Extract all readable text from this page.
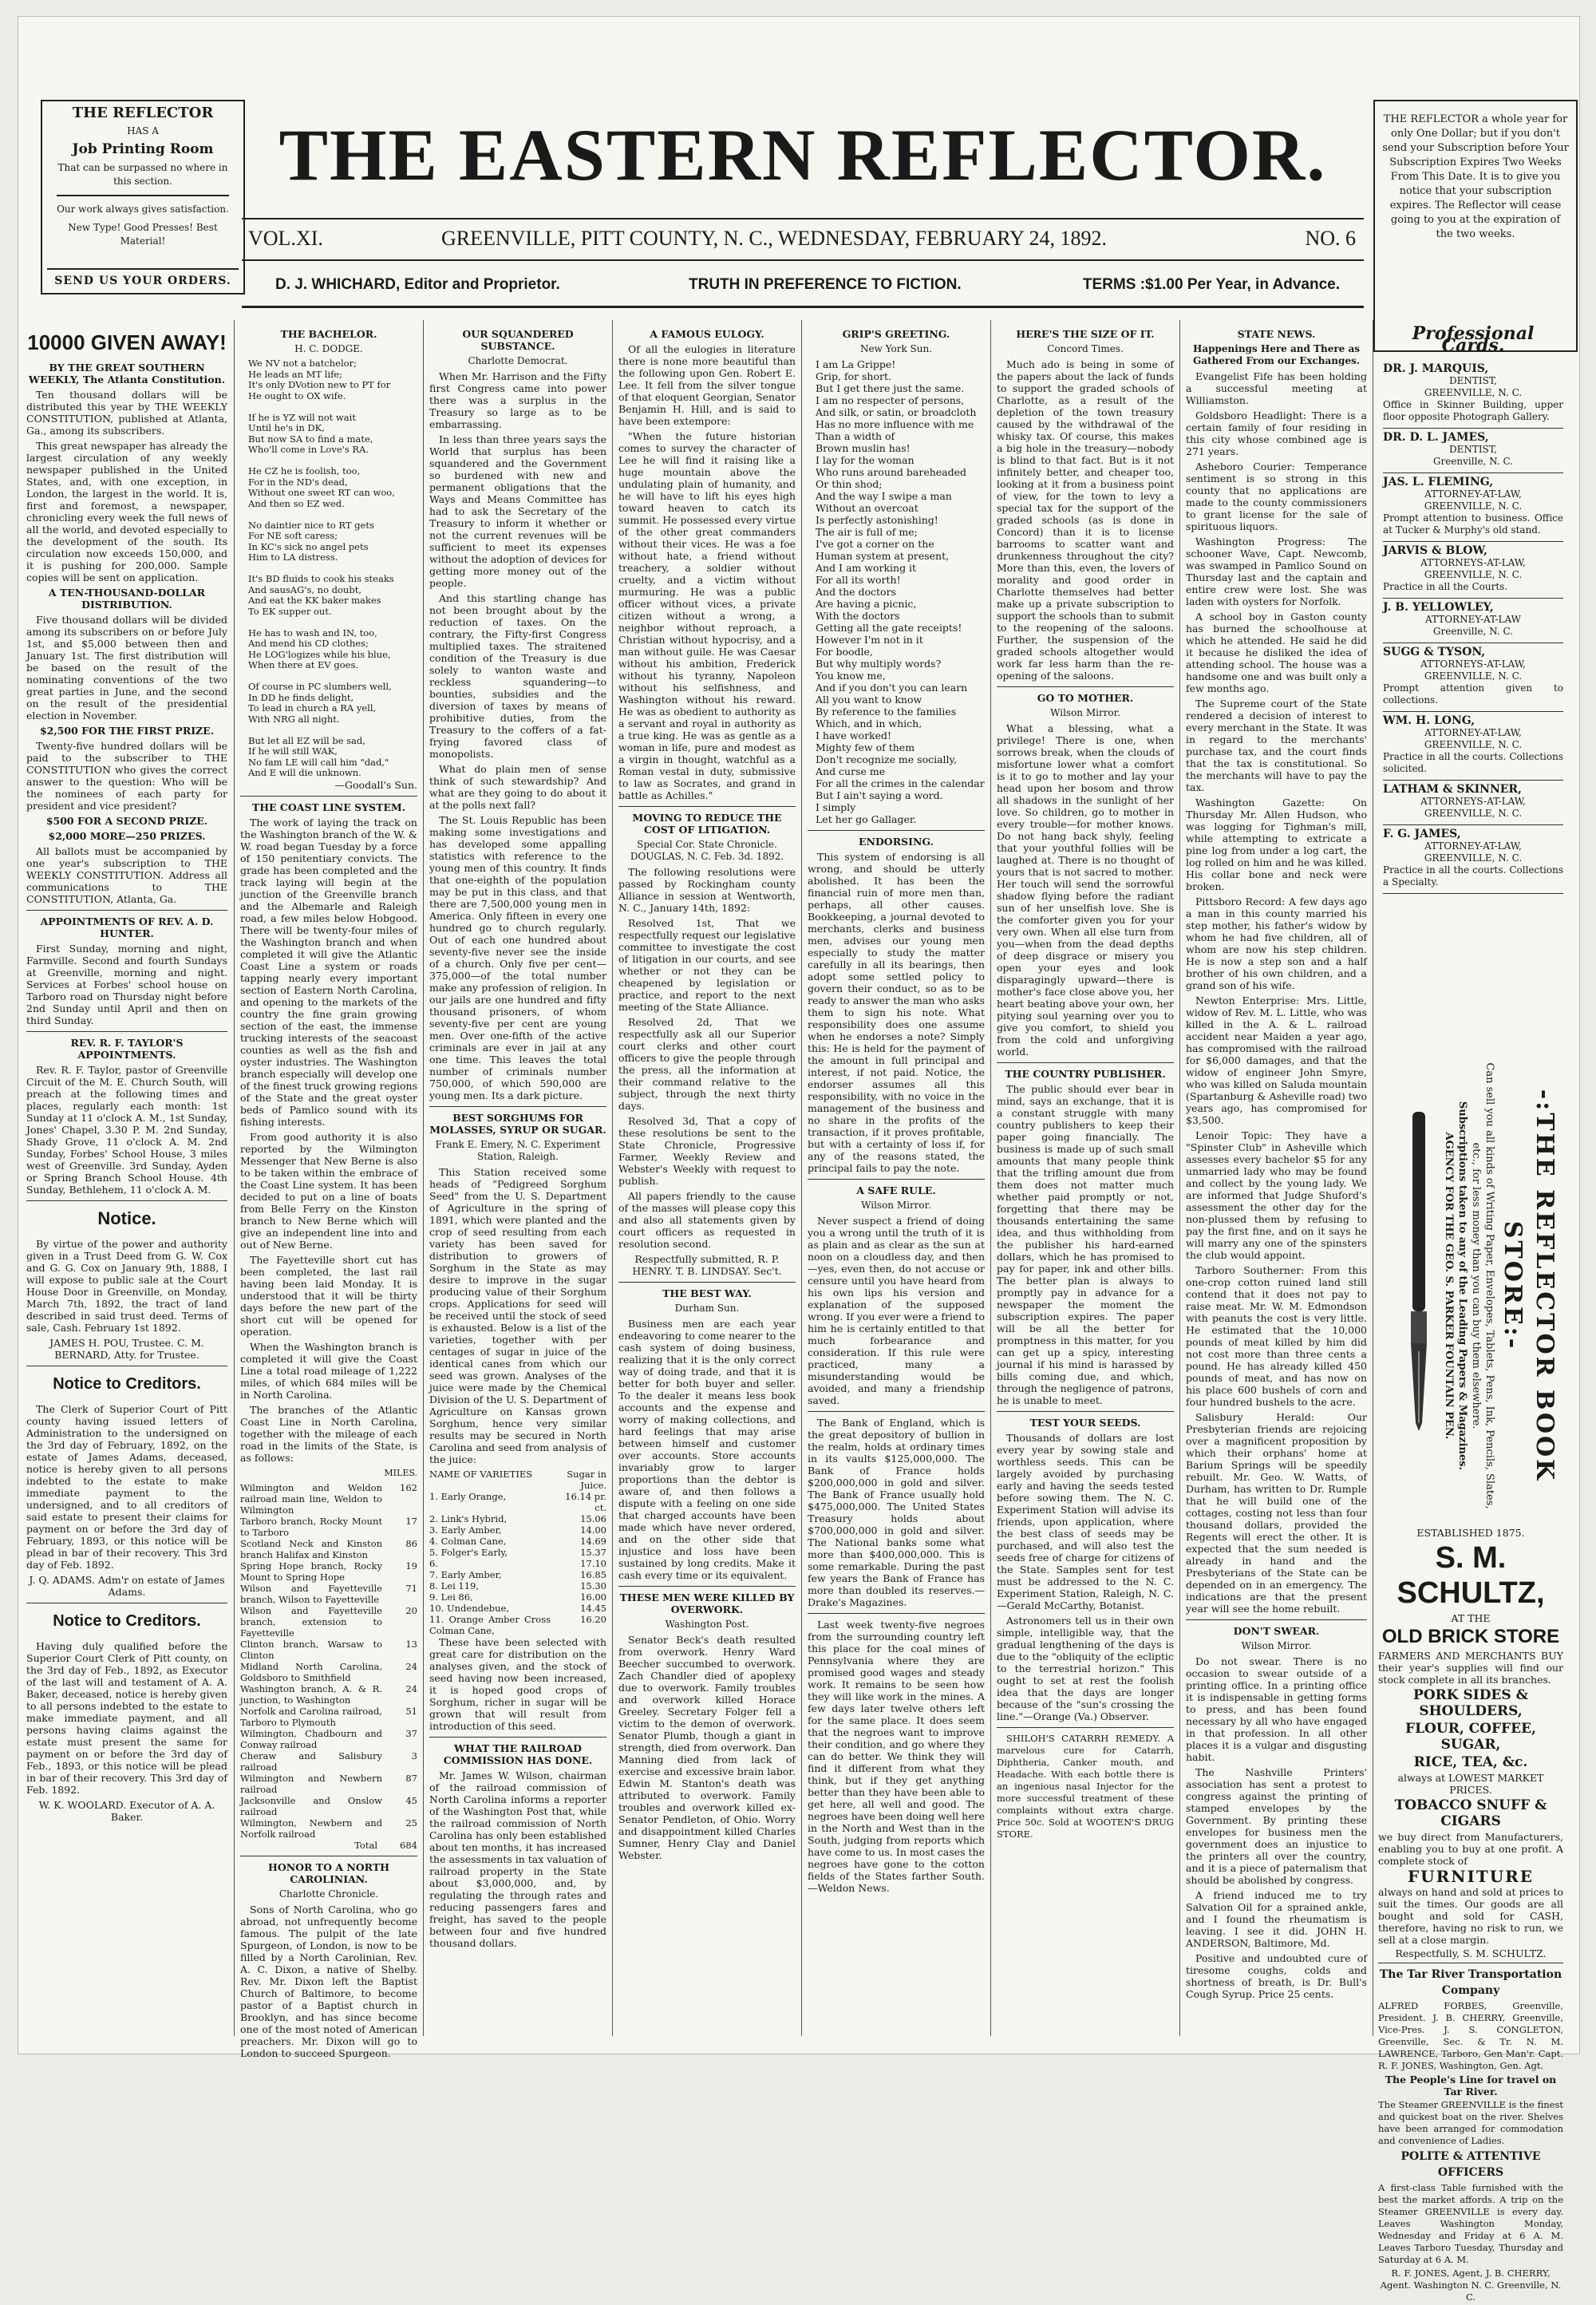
THE REFLECTOR
HAS A
Job Printing Room
That can be surpassed no where in this section.
Our work always gives satisfaction.
New Type! Good Presses! Best Material!
SEND US YOUR ORDERS.
THE EASTERN REFLECTOR.
VOL.XI.	GREENVILLE, PITT COUNTY, N. C., WEDNESDAY, FEBRUARY 24, 1892.	NO. 6
D. J. WHICHARD, Editor and Proprietor.	TRUTH IN PREFERENCE TO FICTION.	TERMS :$1.00 Per Year, in Advance.
THE REFLECTOR a whole year for only One Dollar; but if you don't send your Subscription before Your Subscription Expires Two Weeks From This Date. It is to give you notice that your subscription expires. The Reflector will cease going to you at the expiration of the two weeks.
10000 GIVEN AWAY!

BY THE GREAT SOUTHERN WEEKLY, The Atlanta Constitution.

Ten thousand dollars will be distributed this year by THE WEEKLY CONSTITUTION, published at Atlanta, Ga., among its subscribers.

This great newspaper has already the largest circulation of any weekly newspaper published in the United States, and, with one exception, in London, the largest in the world. It is, first and foremost, a newspaper, chronicling every week the full news of all the world, and devoted especially to the development of the south. Its circulation now exceeds 150,000, and it is pushing for 200,000. Sample copies will be sent on application.

A TEN-THOUSAND-DOLLAR DISTRIBUTION.

Five thousand dollars will be divided among its subscribers on or before July 1st, and $5,000 between then and January 1st. The first distribution will be based on the result of the nominating conventions of the two great parties in June, and the second on the result of the presidential election in November.

$2,500 FOR THE FIRST PRIZE.

Twenty-five hundred dollars will be paid to the subscriber to THE CONSTITUTION who gives the correct answer to the question: Who will be the nominees of each party for president and vice president?

$500 FOR A SECOND PRIZE.

$2,000 MORE—250 PRIZES.

All ballots must be accompanied by one year's subscription to THE WEEKLY CONSTITUTION. Address all communications to THE CONSTITUTION, Atlanta, Ga.

APPOINTMENTS OF REV. A. D. HUNTER.

First Sunday, morning and night, Farmville. Second and fourth Sundays at Greenville, morning and night. Services at Forbes' school house on Tarboro road on Thursday night before 2nd Sunday until April and then on third Sunday.

REV. R. F. TAYLOR'S APPOINTMENTS.

Rev. R. F. Taylor, pastor of Greenville Circuit of the M. E. Church South, will preach at the following times and places, regularly each month: 1st Sunday at 11 o'clock A. M., 1st Sunday, Jones' Chapel, 3.30 P. M. 2nd Sunday, Shady Grove, 11 o'clock A. M. 2nd Sunday, Forbes' School House, 3 miles west of Greenville. 3rd Sunday, Ayden or Spring Branch School House. 4th Sunday, Bethlehem, 11 o'clock A. M.

Notice.

By virtue of the power and authority given in a Trust Deed from G. W. Cox and G. G. Cox on January 9th, 1888, I will expose to public sale at the Court House Door in Greenville, on Monday, March 7th, 1892, the tract of land described in said trust deed. Terms of sale, Cash. February 1st 1892.

JAMES H. POU, Trustee. C. M. BERNARD, Atty. for Trustee.

Notice to Creditors.

The Clerk of Superior Court of Pitt county having issued letters of Administration to the undersigned on the 3rd day of February, 1892, on the estate of James Adams, deceased, notice is hereby given to all persons indebted to the estate to make immediate payment to the undersigned, and to all creditors of said estate to present their claims for payment on or before the 3rd day of February, 1893, or this notice will be plead in bar of their recovery. This 3rd day of Feb. 1892.

J. Q. ADAMS. Adm'r on estate of James Adams.

Notice to Creditors.

Having duly qualified before the Superior Court Clerk of Pitt county, on the 3rd day of Feb., 1892, as Executor of the last will and testament of A. A. Baker, deceased, notice is hereby given to all persons indebted to the estate to make immediate payment, and all persons having claims against the estate must present the same for payment on or before the 3rd day of Feb., 1893, or this notice will be plead in bar of their recovery. This 3rd day of Feb. 1892.

W. K. WOOLARD. Executor of A. A. Baker.

THE BACHELOR.

H. C. DODGE.

We NV not a batchelor;
He leads an MT life;
It's only DVotion new to PT for
He ought to OX wife.

If he is YZ will not wait
Until he's in DK,
But now SA to find a mate,
Who'll come in Love's RA.

He CZ he is foolish, too,
For in the ND's dead,
Without one sweet RT can woo,
And then so EZ wed.

No daintier nice to RT gets
For NE soft caress;
In KC's sick no angel pets
Him to LA distress.

It's BD fluids to cook his steaks
And sausAG's, no doubt,
And eat the KK baker makes
To EK supper out.

He has to wash and IN, too,
And mend his CD clothes;
He LOG'logizes while his blue,
When there at EV goes.

Of course in PC slumbers well,
In DD he finds delight,
To lead in church a RA yell,
With NRG all night.

But let all EZ will be sad,
If he will still WAK,
No fam LE will call him "dad,"
And E will die unknown.

—Goodall's Sun.

THE COAST LINE SYSTEM.

The work of laying the track on the Washington branch of the W. & W. road began Tuesday by a force of 150 penitentiary convicts. The grade has been completed and the track laying will begin at the junction of the Greenville branch and the Albemarle and Raleigh road, a few miles below Hobgood. There will be twenty-four miles of the Washington branch and when completed it will give the Atlantic Coast Line a system or roads tapping nearly every important section of Eastern North Carolina, and opening to the markets of the country the fine grain growing section of the east, the immense trucking interests of the seacoast counties as well as the fish and oyster industries. The Washington branch especially will develop one of the finest truck growing regions of the State and the great oyster beds of Pamlico sound with its fishing interests.

From good authority it is also reported by the Wilmington Messenger that New Berne is also to be taken within the embrace of the Coast Line system. It has been decided to put on a line of boats from Belle Ferry on the Kinston branch to New Berne which will give an independent line into and out of New Berne.

The Fayetteville short cut has been completed, the last rail having been laid Monday. It is understood that it will be thirty days before the new part of the short cut will be opened for operation.

When the Washington branch is completed it will give the Coast Line a total road mileage of 1,222 miles, of which 684 miles will be in North Carolina.

The branches of the Atlantic Coast Line in North Carolina, together with the mileage of each road in the limits of the State, is as follows:

MILES.

Wilmington and Weldon railroad main line, Weldon to Wilmington	162
Tarboro branch, Rocky Mount to Tarboro	17
Scotland Neck and Kinston branch Halifax and Kinston	86
Spring Hope branch, Rocky Mount to Spring Hope	19
Wilson and Fayetteville branch, Wilson to Fayetteville	71
Wilson and Fayetteville branch, extension to Fayetteville	20
Clinton branch, Warsaw to Clinton	13
Midland North Carolina, Goldsboro to Smithfield	24
Washington branch, A. & R. junction, to Washington	24
Norfolk and Carolina railroad, Tarboro to Plymouth	51
Wilmington, Chadbourn and Conway railroad	37
Cheraw and Salisbury railroad	3
Wilmington and Newbern railroad	87
Jacksonville and Onslow railroad	45
Wilmington, Newbern and Norfolk railroad	25
Total	684

HONOR TO A NORTH CAROLINIAN.

Charlotte Chronicle.

Sons of North Carolina, who go abroad, not unfrequently become famous. The pulpit of the late Spurgeon, of London, is now to be filled by a North Carolinian, Rev. A. C. Dixon, a native of Shelby. Rev. Mr. Dixon left the Baptist Church of Baltimore, to become pastor of a Baptist church in Brooklyn, and has since become one of the most noted of American preachers. Mr. Dixon will go to London to succeed Spurgeon.

OUR SQUANDERED SUBSTANCE.

Charlotte Democrat.

When Mr. Harrison and the Fifty first Congress came into power there was a surplus in the Treasury so large as to be embarrassing.

In less than three years says the World that surplus has been squandered and the Government so burdened with new and permanent obligations that the Ways and Means Committee has had to ask the Secretary of the Treasury to inform it whether or not the current revenues will be sufficient to meet its expenses without the adoption of devices for getting more money out of the people.

And this startling change has not been brought about by the reduction of taxes. On the contrary, the Fifty-first Congress multiplied taxes. The straitened condition of the Treasury is due solely to wanton waste and reckless squandering—to bounties, subsidies and the diversion of taxes by means of prohibitive duties, from the Treasury to the coffers of a fat-frying favored class of monopolists.

What do plain men of sense think of such stewardship? And what are they going to do about it at the polls next fall?

The St. Louis Republic has been making some investigations and has developed some appalling statistics with reference to the young men of this country. It finds that one-eighth of the population may be put in this class, and that there are 7,500,000 young men in America. Only fifteen in every one hundred go to church regularly. Out of each one hundred about seventy-five never see the inside of a church. Only five per cent—375,000—of the total number make any profession of religion. In our jails are one hundred and fifty thousand prisoners, of whom seventy-five per cent are young men. Over one-fifth of the active criminals are ever in jail at any one time. This leaves the total number of criminals number 750,000, of which 590,000 are young men. Its a dark picture.

BEST SORGHUMS FOR MOLASSES, SYRUP OR SUGAR.

Frank E. Emery, N. C. Experiment Station, Raleigh.

This Station received some heads of "Pedigreed Sorghum Seed" from the U. S. Department of Agriculture in the spring of 1891, which were planted and the crop of seed resulting from each variety has been saved for distribution to growers of Sorghum in the State as may desire to improve in the sugar producing value of their Sorghum crops. Applications for seed will be received until the stock of seed is exhausted. Below is a list of the varieties, together with per centages of sugar in juice of the identical canes from which our seed was grown. Analyses of the juice were made by the Chemical Division of the U. S. Department of Agriculture on Kansas grown Sorghum, hence very similar results may be secured in North Carolina and seed from analysis of the juice:

NAME OF VARIETIES	Sugar in Juice.
1. Early Orange,	16.14 pr. ct.
2. Link's Hybrid,	15.06
3. Early Amber,	14.00
4. Colman Cane,	14.69
5. Folger's Early,	15.37
6.	17.10
7. Early Amber,	16.85
8. Lei 119,	15.30
9. Lei 86,	16.00
10. Undendebue,	14.45
11. Orange Amber Cross Colman Cane,	16.20

These have been selected with great care for distribution on the analyses given, and the stock of seed having now been increased, it is hoped good crops of Sorghum, richer in sugar will be grown that will result from introduction of this seed.

WHAT THE RAILROAD COMMISSION HAS DONE.

Mr. James W. Wilson, chairman of the railroad commission of North Carolina informs a reporter of the Washington Post that, while the railroad commission of North Carolina has only been established about ten months, it has increased the assessments in tax valuation of railroad property in the State about $3,000,000, and, by regulating the through rates and reducing passengers fares and freight, has saved to the people between four and five hundred thousand dollars.

A FAMOUS EULOGY.

Of all the eulogies in literature there is none more beautiful than the following upon Gen. Robert E. Lee. It fell from the silver tongue of that eloquent Georgian, Senator Benjamin H. Hill, and is said to have been extempore:

"When the future historian comes to survey the character of Lee he will find it raising like a huge mountain above the undulating plain of humanity, and he will have to lift his eyes high toward heaven to catch its summit. He possessed every virtue of the other great commanders without their vices. He was a foe without hate, a friend without treachery, a soldier without cruelty, and a victim without murmuring. He was a public officer without vices, a private citizen without a wrong, a neighbor without reproach, a Christian without hypocrisy, and a man without guile. He was Caesar without his ambition, Frederick without his tyranny, Napoleon without his selfishness, and Washington without his reward. He was as obedient to authority as a servant and royal in authority as a true king. He was as gentle as a woman in life, pure and modest as a virgin in thought, watchful as a Roman vestal in duty, submissive to law as Socrates, and grand in battle as Achilles."

MOVING TO REDUCE THE COST OF LITIGATION.

Special Cor. State Chronicle. DOUGLAS, N. C. Feb. 3d. 1892.

The following resolutions were passed by Rockingham county Alliance in session at Wentworth, N. C., January 14th, 1892:

Resolved 1st, That we respectfully request our legislative committee to investigate the cost of litigation in our courts, and see whether or not they can be cheapened by legislation or practice, and report to the next meeting of the State Alliance.

Resolved 2d, That we respectfully ask all our Superior court clerks and other court officers to give the people through the press, all the information at their command relative to the subject, through the next thirty days.

Resolved 3d, That a copy of these resolutions be sent to the State Chronicle, Progressive Farmer, Weekly Review and Webster's Weekly with request to publish.

All papers friendly to the cause of the masses will please copy this and also all statements given by court officers as requested in resolution second.

Respectfully submitted, R. P. HENRY. T. B. LINDSAY. Sec't.

THE BEST WAY.

Durham Sun.

Business men are each year endeavoring to come nearer to the cash system of doing business, realizing that it is the only correct way of doing trade, and that it is better for both buyer and seller. To the dealer it means less book accounts and the expense and worry of making collections, and hard feelings that may arise between himself and customer over accounts. Store accounts invariably grow to larger proportions than the debtor is aware of, and then follows a dispute with a feeling on one side that charged accounts have been made which have never ordered, and on the other side that injustice and loss have been sustained by long credits. Make it cash every time or its equivalent.

THESE MEN WERE KILLED BY OVERWORK.

Washington Post.

Senator Beck's death resulted from overwork. Henry Ward Beecher succumbed to overwork. Zach Chandler died of apoplexy due to overwork. Family troubles and overwork killed Horace Greeley. Secretary Folger fell a victim to the demon of overwork. Senator Plumb, though a giant in strength, died from overwork. Dan Manning died from lack of exercise and excessive brain labor. Edwin M. Stanton's death was attributed to overwork. Family troubles and overwork killed ex-Senator Pendleton, of Ohio. Worry and disappointment killed Charles Sumner, Henry Clay and Daniel Webster.

GRIP'S GREETING.

New York Sun.

I am La Grippe!
Grip, for short.
But I get there just the same.
I am no respecter of persons,
And silk, or satin, or broadcloth
Has no more influence with me
Than a width of
Brown muslin has!
I lay for the woman
Who runs around bareheaded
Or thin shod;
And the way I swipe a man
Without an overcoat
Is perfectly astonishing!
The air is full of me;
I've got a corner on the
Human system at present,
And I am working it
For all its worth!
And the doctors
Are having a picnic,
With the doctors
Getting all the gate receipts!
However I'm not in it
For boodle,
But why multiply words?
You know me,
And if you don't you can learn
All you want to know
By reference to the families
Which, and in which,
I have worked!
Mighty few of them
Don't recognize me socially,
And curse me
For all the crimes in the calendar
But I ain't saying a word.
I simply
Let her go Gallager.

ENDORSING.

This system of endorsing is all wrong, and should be utterly abolished. It has been the financial ruin of more men than, perhaps, all other causes. Bookkeeping, a journal devoted to merchants, clerks and business men, advises our young men especially to study the matter carefully in all its bearings, then adopt some settled policy to govern their conduct, so as to be ready to answer the man who asks them to sign his note. What responsibility does one assume when he endorses a note? Simply this: He is held for the payment of the amount in full principal and interest, if not paid. Notice, the endorser assumes all this responsibility, with no voice in the management of the business and no share in the profits of the transaction, if it proves profitable, but with a certainty of loss if, for any of the reasons stated, the principal fails to pay the note.

A SAFE RULE.

Wilson Mirror.

Never suspect a friend of doing you a wrong until the truth of it is as plain and as clear as the sun at noon on a cloudless day, and then—yes, even then, do not accuse or censure until you have heard from his own lips his version and explanation of the supposed wrong. If you ever were a friend to him he is certainly entitled to that much forbearance and consideration. If this rule were practiced, many a misunderstanding would be avoided, and many a friendship saved.

The Bank of England, which is the great depository of bullion in the realm, holds at ordinary times in its vaults $125,000,000. The Bank of France holds $200,000,000 in gold and silver. The Bank of France usually hold $475,000,000. The United States Treasury holds about $700,000,000 in gold and silver. The National banks some what more than $400,000,000. This is some remarkable. During the past few years the Bank of France has more than doubled its reserves.—Drake's Magazines.

Last week twenty-five negroes from the surrounding country left this place for the coal mines of Pennsylvania where they are promised good wages and steady work. It remains to be seen how they will like work in the mines. A few days later twelve others left for the same place. It does seem that the negroes want to improve their condition, and go where they can do better. We think they will find it different from what they think, but if they get anything better than they have been able to get here, all well and good. The negroes have been doing well here in the North and West than in the South, judging from reports which have come to us. In most cases the negroes have gone to the cotton fields of the States farther South.—Weldon News.

HERE'S THE SIZE OF IT.

Concord Times.

Much ado is being in some of the papers about the lack of funds to support the graded schools of Charlotte, as a result of the depletion of the town treasury caused by the withdrawal of the whisky tax. Of course, this makes a big hole in the treasury—nobody is blind to that fact. But is it not infinitely better, and cheaper too, looking at it from a business point of view, for the town to levy a special tax for the support of the graded schools (as is done in Concord) than it is to license barrooms to scatter want and drunkenness throughout the city? More than this, even, the lovers of morality and good order in Charlotte themselves had better make up a private subscription to support the schools than to submit to the reopening of the saloons. Further, the suspension of the graded schools altogether would work far less harm than the re-opening of the saloons.

GO TO MOTHER.

Wilson Mirror.

What a blessing, what a privilege! There is one, when sorrows break, when the clouds of misfortune lower what a comfort is it to go to mother and lay your head upon her bosom and throw all shadows in the sunlight of her love. So children, go to mother in every trouble—for mother knows. Do not hang back shyly, feeling that your youthful follies will be laughed at. There is no thought of yours that is not sacred to mother. Her touch will send the sorrowful shadow flying before the radiant sun of her unselfish love. She is the comforter given you for your very own. When all else turn from you—when from the dead depths of deep disgrace or misery you open your eyes and look disparagingly upward—there is mother's face close above you, her heart beating above your own, her pitying soul yearning over you to give you comfort, to shield you from the cold and unforgiving world.

THE COUNTRY PUBLISHER.

The public should ever bear in mind, says an exchange, that it is a constant struggle with many country publishers to keep their paper going financially. The business is made up of such small amounts that many people think that the trifling amount due from them does not matter much whether paid promptly or not, forgetting that there may be thousands entertaining the same idea, and thus withholding from the publisher his hard-earned dollars, which he has promised to pay for paper, ink and other bills. The better plan is always to promptly pay in advance for a newspaper the moment the subscription expires. The paper will be all the better for promptness in this matter, for you can get up a spicy, interesting journal if his mind is harassed by bills coming due, and which, through the negligence of patrons, he is unable to meet.

TEST YOUR SEEDS.

Thousands of dollars are lost every year by sowing stale and worthless seeds. This can be largely avoided by purchasing early and having the seeds tested before sowing them. The N. C. Experiment Station will advise its friends, upon application, where the best class of seeds may be purchased, and will also test the seeds free of charge for citizens of the State. Samples sent for test must be addressed to the N. C. Experiment Station, Raleigh, N. C.—Gerald McCarthy, Botanist.

Astronomers tell us in their own simple, intelligible way, that the gradual lengthening of the days is due to the "obliquity of the ecliptic to the terrestrial horizon." This ought to set at rest the foolish idea that the days are longer because of the "sun's crossing the line."—Orange (Va.) Observer.

SHILOH'S CATARRH REMEDY. A marvelous cure for Catarrh, Diphtheria, Canker mouth, and Headache. With each bottle there is an ingenious nasal Injector for the more successful treatment of these complaints without extra charge. Price 50c. Sold at WOOTEN'S DRUG STORE.

STATE NEWS.

Happenings Here and There as Gathered From our Exchanges.

Evangelist Fife has been holding a successful meeting at Williamston.

Goldsboro Headlight: There is a certain family of four residing in this city whose combined age is 271 years.

Asheboro Courier: Temperance sentiment is so strong in this county that no applications are made to the county commissioners to grant license for the sale of spirituous liquors.

Washington Progress: The schooner Wave, Capt. Newcomb, was swamped in Pamlico Sound on Thursday last and the captain and entire crew were lost. She was laden with oysters for Norfolk.

A school boy in Gaston county has burned the schoolhouse at which he attended. He said he did it because he disliked the idea of attending school. The house was a handsome one and was built only a few months ago.

The Supreme court of the State rendered a decision of interest to every merchant in the State. It was in regard to the merchants' purchase tax, and the court finds that the tax is constitutional. So the merchants will have to pay the tax.

Washington Gazette: On Thursday Mr. Allen Hudson, who was logging for Tighman's mill, while attempting to extricate a pine log from under a log cart, the log rolled on him and he was killed. His collar bone and neck were broken.

Pittsboro Record: A few days ago a man in this county married his step mother, his father's widow by whom he had five children, all of whom are now his step children. He is now a step son and a half brother of his own children, and a grand son of his wife.

Newton Enterprise: Mrs. Little, widow of Rev. M. L. Little, who was killed in the A. & L. railroad accident near Maiden a year ago, has compromised with the railroad for $6,000 damages, and that the widow of engineer John Smyre, who was killed on Saluda mountain (Spartanburg & Asheville road) two years ago, has compromised for $3,500.

Lenoir Topic: They have a "Spinster Club" in Asheville which assesses every bachelor $5 for any unmarried lady who may be found and collect by the young lady. We are informed that Judge Shuford's assessment the other day for the non-plussed them by refusing to pay the first fine, and on it says he will marry any one of the spinsters the club would appoint.

Tarboro Southerner: From this one-crop cotton ruined land still contend that it does not pay to raise meat. Mr. W. M. Edmondson with peanuts the cost is very little. He estimated that the 10,000 pounds of meat killed by him did not cost more than three cents a pound. He has already killed 450 pounds of meat, and has now on his place 600 bushels of corn and four hundred bushels to the acre.

Salisbury Herald: Our Presbyterian friends are rejoicing over a magnificent proposition by which their orphans' home at Barium Springs will be speedily rebuilt. Mr. Geo. W. Watts, of Durham, has written to Dr. Rumple that he will build one of the cottages, costing not less than four thousand dollars, provided the Regents will erect the other. It is expected that the sum needed is already in hand and the Presbyterians of the State can be depended on in an emergency. The indications are that the present year will see the home rebuilt.

DON'T SWEAR.

Wilson Mirror.

Do not swear. There is no occasion to swear outside of a printing office. In a printing office it is indispensable in getting forms to press, and has been found necessary by all who have engaged in that profession. In all other places it is a vulgar and disgusting habit.

The Nashville Printers' association has sent a protest to congress against the printing of stamped envelopes by the Government. By printing these envelopes for business men the government does an injustice to the printers all over the country, and it is a piece of paternalism that should be abolished by congress.

A friend induced me to try Salvation Oil for a sprained ankle, and I found the rheumatism is leaving. I see it did. JOHN H. ANDERSON, Baltimore, Md.

Positive and undoubted cure of tiresome coughs, colds and shortness of breath, is Dr. Bull's Cough Syrup. Price 25 cents.

Professional Cards.
DR. J. MARQUIS,
DENTIST,
GREENVILLE, N. C.
Office in Skinner Building, upper floor opposite Photograph Gallery.
DR. D. L. JAMES,
DENTIST,
Greenville, N. C.
JAS. L. FLEMING,
ATTORNEY-AT-LAW,
GREENVILLE, N. C.
Prompt attention to business. Office at Tucker & Murphy's old stand.
JARVIS & BLOW,
ATTORNEYS-AT-LAW,
GREENVILLE, N. C.
Practice in all the Courts.
J. B. YELLOWLEY,
ATTORNEY-AT-LAW
Greenville, N. C.
SUGG & TYSON,
ATTORNEYS-AT-LAW,
GREENVILLE, N. C.
Prompt attention given to collections.
WM. H. LONG,
ATTORNEY-AT-LAW,
GREENVILLE, N. C.
Practice in all the courts. Collections solicited.
LATHAM & SKINNER,
ATTORNEYS-AT-LAW,
GREENVILLE, N. C.
F. G. JAMES,
ATTORNEY-AT-LAW,
GREENVILLE, N. C.
Practice in all the courts. Collections a Specialty.
-:THE REFLECTOR BOOK STORE:-
Can sell you all kinds of Writing Paper, Envelopes, Tablets, Pens, Ink, Pencils, Slates, etc., for less money than you can buy them elsewhere.
Subscriptions taken to any of the Leading Papers & Magazines.
AGENCY FOR THE GEO. S. PARKER FOUNTAIN PEN.

ESTABLISHED 1875.

S. M. SCHULTZ,

AT THE

OLD BRICK STORE

FARMERS AND MERCHANTS BUY their year's supplies will find our stock complete in all its branches.

PORK SIDES & SHOULDERS,

FLOUR, COFFEE, SUGAR,

RICE, TEA, &c.

always at LOWEST MARKET PRICES.

TOBACCO SNUFF & CIGARS

we buy direct from Manufacturers, enabling you to buy at one profit. A complete stock of

FURNITURE

always on hand and sold at prices to suit the times. Our goods are all bought and sold for CASH, therefore, having no risk to run, we sell at a close margin.

Respectfully, S. M. SCHULTZ.

The Tar River Transportation Company

ALFRED FORBES, Greenville, President. J. B. CHERRY, Greenville, Vice-Pres. J. S. CONGLETON, Greenville, Sec. & Tr. N. M. LAWRENCE, Tarboro, Gen Man'r. Capt. R. F. JONES, Washington, Gen. Agt.

The People's Line for travel on Tar River.

The Steamer GREENVILLE is the finest and quickest boat on the river. Shelves have been arranged for commodation and convenience of Ladies.

POLITE & ATTENTIVE OFFICERS

A first-class Table furnished with the best the market affords. A trip on the Steamer GREENVILLE is every day. Leaves Washington Monday, Wednesday and Friday at 6 A. M. Leaves Tarboro Tuesday, Thursday and Saturday at 6 A. M.

R. F. JONES, Agent, J. B. CHERRY, Agent. Washington N. C. Greenville, N. C.
